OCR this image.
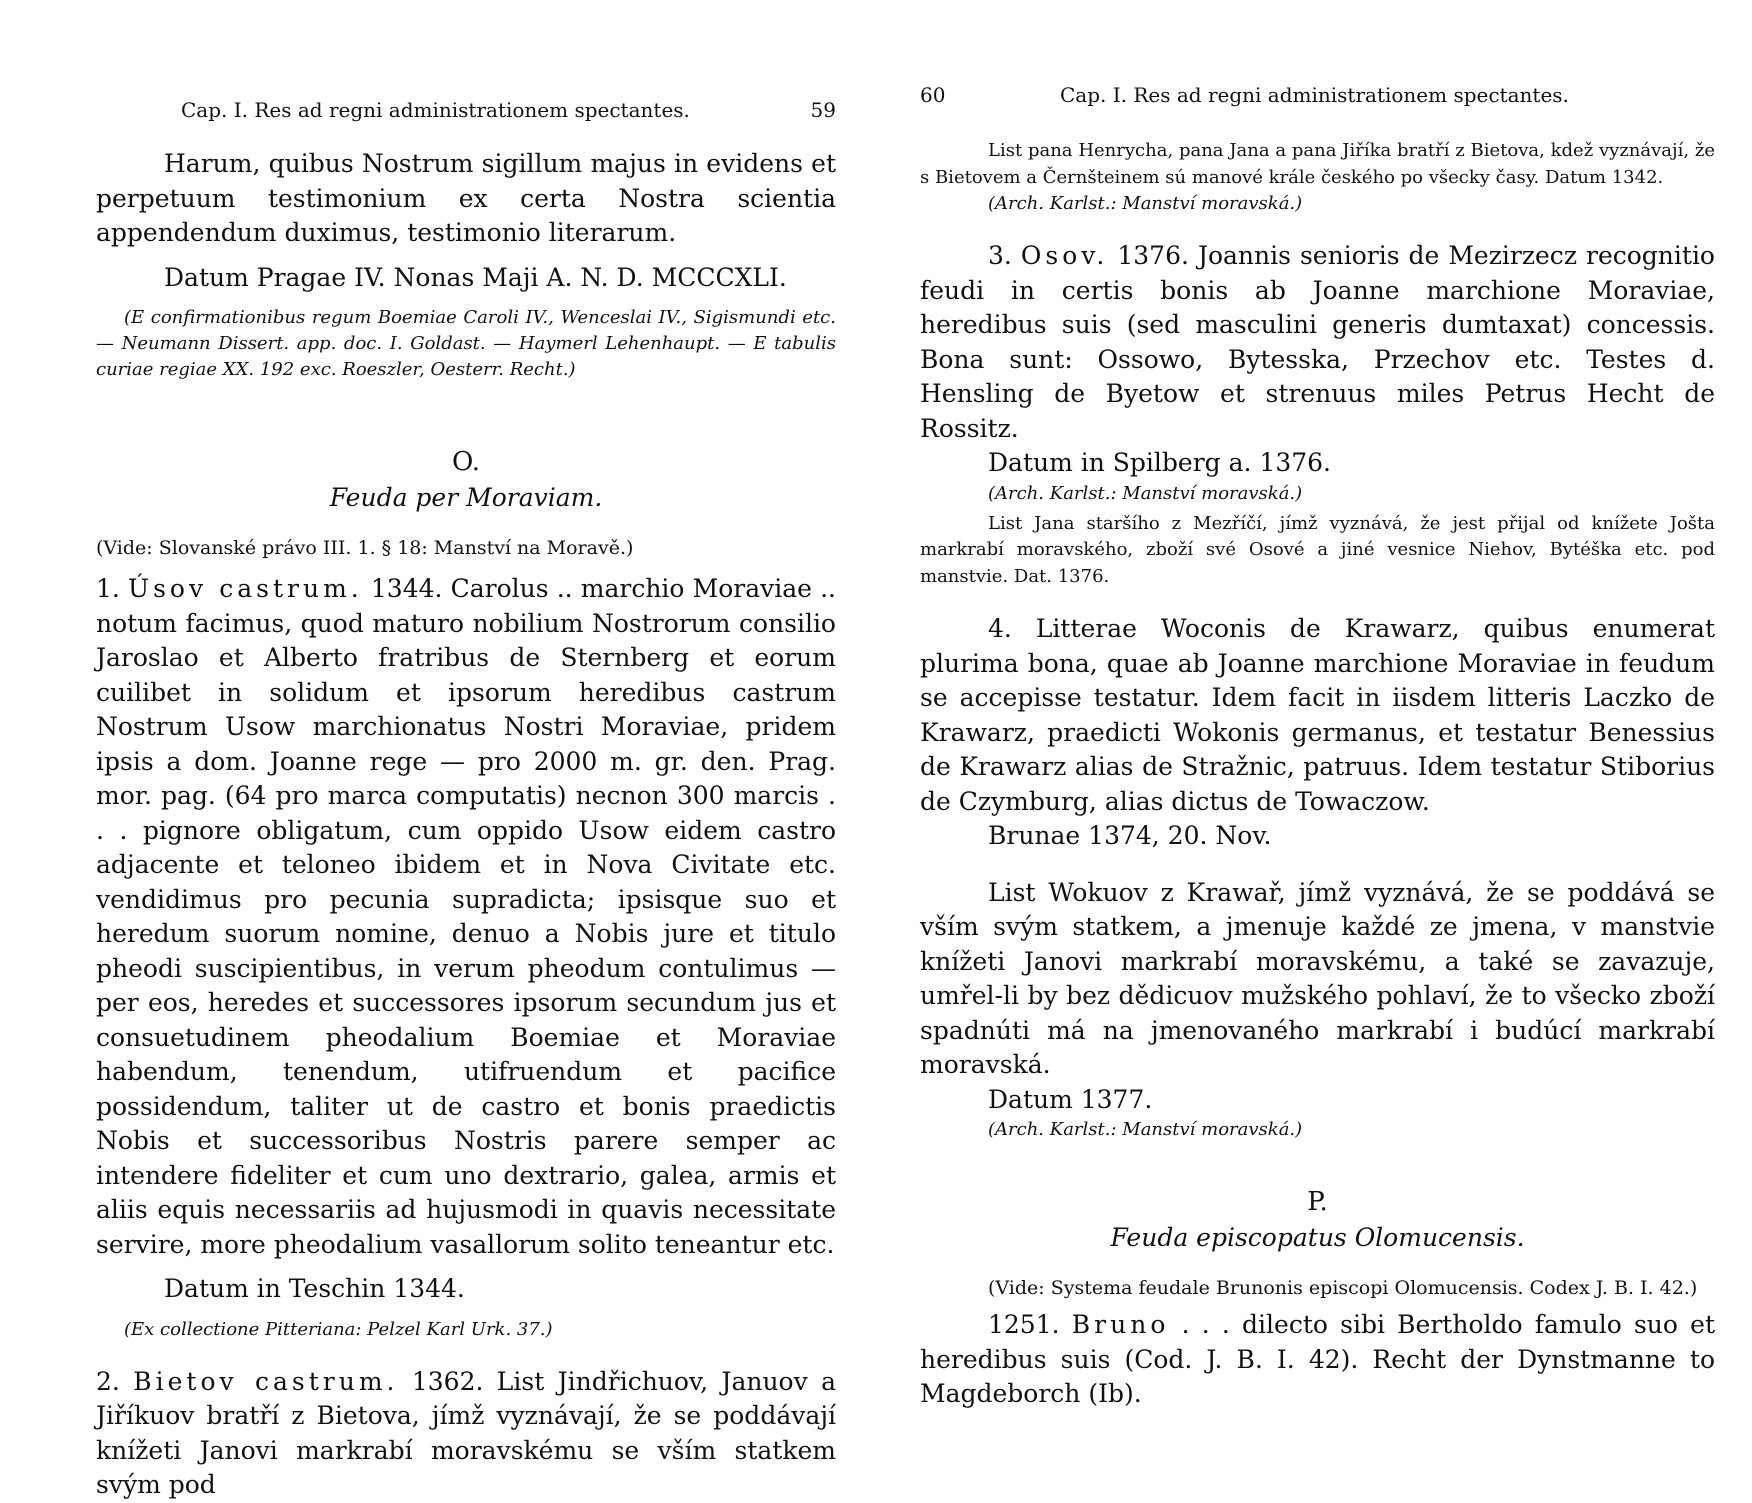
Cap. I. Res ad regni administrationem spectantes.	59

Harum, quibus Nostrum sigillum majus in evidens et perpetuum testimonium ex certa Nostra scientia appendendum duximus, testimonio literarum.

Datum Pragae IV. Nonas Maji A. N. D. MCCCXLI.

(E confirmationibus regum Boemiae Caroli IV., Wenceslai IV., Sigismundi etc. — Neumann Dissert. app. doc. I. Goldast. — Haymerl Lehenhaupt. — E tabulis curiae regiae XX. 192 exc. Roeszler, Oesterr. Recht.)

O.
Feuda per Moraviam.

(Vide: Slovanské právo III. 1. § 18: Manství na Moravě.)

1. Úsov castrum. 1344. Carolus .. marchio Moraviae .. notum facimus, quod maturo nobilium Nostrorum consilio Jaroslao et Alberto fratribus de Sternberg et eorum cuilibet in solidum et ipsorum heredibus castrum Nostrum Usow marchionatus Nostri Moraviae, pridem ipsis a dom. Joanne rege — pro 2000 m. gr. den. Prag. mor. pag. (64 pro marca computatis) necnon 300 marcis . . . pignore obligatum, cum oppido Usow eidem castro adjacente et teloneo ibidem et in Nova Civitate etc. vendidimus pro pecunia supradicta; ipsisque suo et heredum suorum nomine, denuo a Nobis jure et titulo pheodi suscipientibus, in verum pheodum contulimus — per eos, heredes et successores ipsorum secundum jus et consuetudinem pheodalium Boemiae et Moraviae habendum, tenendum, utifruendum et pacifice possidendum, taliter ut de castro et bonis praedictis Nobis et successoribus Nostris parere semper ac intendere fideliter et cum uno dextrario, galea, armis et aliis equis necessariis ad hujusmodi in quavis necessitate servire, more pheodalium vasallorum solito teneantur etc.

Datum in Teschin 1344.

(Ex collectione Pitteriana: Pelzel Karl Urk. 37.)

2. Bietov castrum. 1362. List Jindřichuov, Januov a Jiříkuov bratří z Bietova, jímž vyznávají, že se poddávají knížeti Janovi markrabí moravskému se vším statkem svým pod

60	Cap. I. Res ad regni administrationem spectantes.

List pana Henrycha, pana Jana a pana Jiříka bratří z Bietova, kdež vyznávají, že s Bietovem a Černšteinem sú manové krále českého po všecky časy. Datum 1342.

(Arch. Karlst.: Manství moravská.)

3. Osov. 1376. Joannis senioris de Mezirzecz recognitio feudi in certis bonis ab Joanne marchione Moraviae, heredibus suis (sed masculini generis dumtaxat) concessis. Bona sunt: Ossowo, Bytesska, Przechov etc. Testes d. Hensling de Byetow et strenuus miles Petrus Hecht de Rossitz.

Datum in Spilberg a. 1376.

(Arch. Karlst.: Manství moravská.)

List Jana staršího z Mezříčí, jímž vyznává, že jest přijal od knížete Jošta markrabí moravského, zboží své Osové a jiné vesnice Niehov, Bytéška etc. pod manstvie. Dat. 1376.

4. Litterae Woconis de Krawarz, quibus enumerat plurima bona, quae ab Joanne marchione Moraviae in feudum se accepisse testatur. Idem facit in iisdem litteris Laczko de Krawarz, praedicti Wokonis germanus, et testatur Benessius de Krawarz alias de Stražnic, patruus. Idem testatur Stiborius de Czymburg, alias dictus de Towaczow.

Brunae 1374, 20. Nov.

List Wokuov z Krawař, jímž vyznává, že se poddává se vším svým statkem, a jmenuje každé ze jmena, v manstvie knížeti Janovi markrabí moravskému, a také se zavazuje, umřel-li by bez dědicuov mužského pohlaví, že to všecko zboží spadnúti má na jmenovaného markrabí i budúcí markrabí moravská.

Datum 1377.

(Arch. Karlst.: Manství moravská.)

P.
Feuda episcopatus Olomucensis.

(Vide: Systema feudale Brunonis episcopi Olomucensis. Codex J. B. I. 42.)

1251. Bruno . . . dilecto sibi Bertholdo famulo suo et heredibus suis (Cod. J. B. I. 42). Recht der Dynstmanne to Magdeborch (Ib).
